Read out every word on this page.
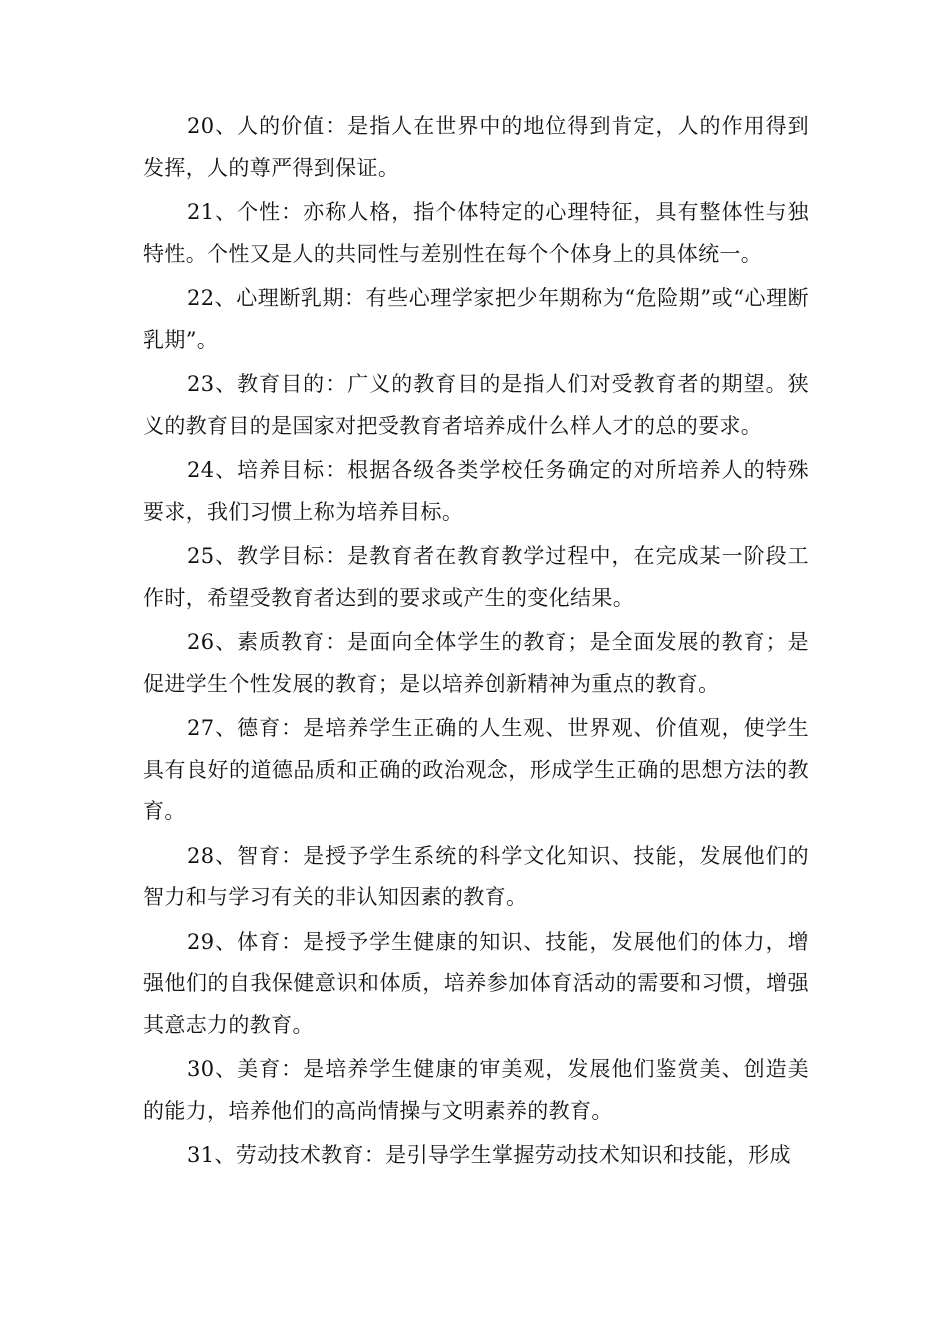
20、人的价值：是指人在世界中的地位得到肯定，人的作用得到发挥，人的尊严得到保证。

21、个性：亦称人格，指个体特定的心理特征，具有整体性与独特性。个性又是人的共同性与差别性在每个个体身上的具体统一。

22、心理断乳期：有些心理学家把少年期称为“危险期”或“心理断乳期”。

23、教育目的：广义的教育目的是指人们对受教育者的期望。狭义的教育目的是国家对把受教育者培养成什么样人才的总的要求。

24、培养目标：根据各级各类学校任务确定的对所培养人的特殊要求，我们习惯上称为培养目标。

25、教学目标：是教育者在教育教学过程中，在完成某一阶段工作时，希望受教育者达到的要求或产生的变化结果。

26、素质教育：是面向全体学生的教育；是全面发展的教育；是促进学生个性发展的教育；是以培养创新精神为重点的教育。

27、德育：是培养学生正确的人生观、世界观、价值观，使学生具有良好的道德品质和正确的政治观念，形成学生正确的思想方法的教育。

28、智育：是授予学生系统的科学文化知识、技能，发展他们的智力和与学习有关的非认知因素的教育。

29、体育：是授予学生健康的知识、技能，发展他们的体力，增强他们的自我保健意识和体质，培养参加体育活动的需要和习惯，增强其意志力的教育。

30、美育：是培养学生健康的审美观，发展他们鉴赏美、创造美的能力，培养他们的高尚情操与文明素养的教育。

31、劳动技术教育：是引导学生掌握劳动技术知识和技能，形成
